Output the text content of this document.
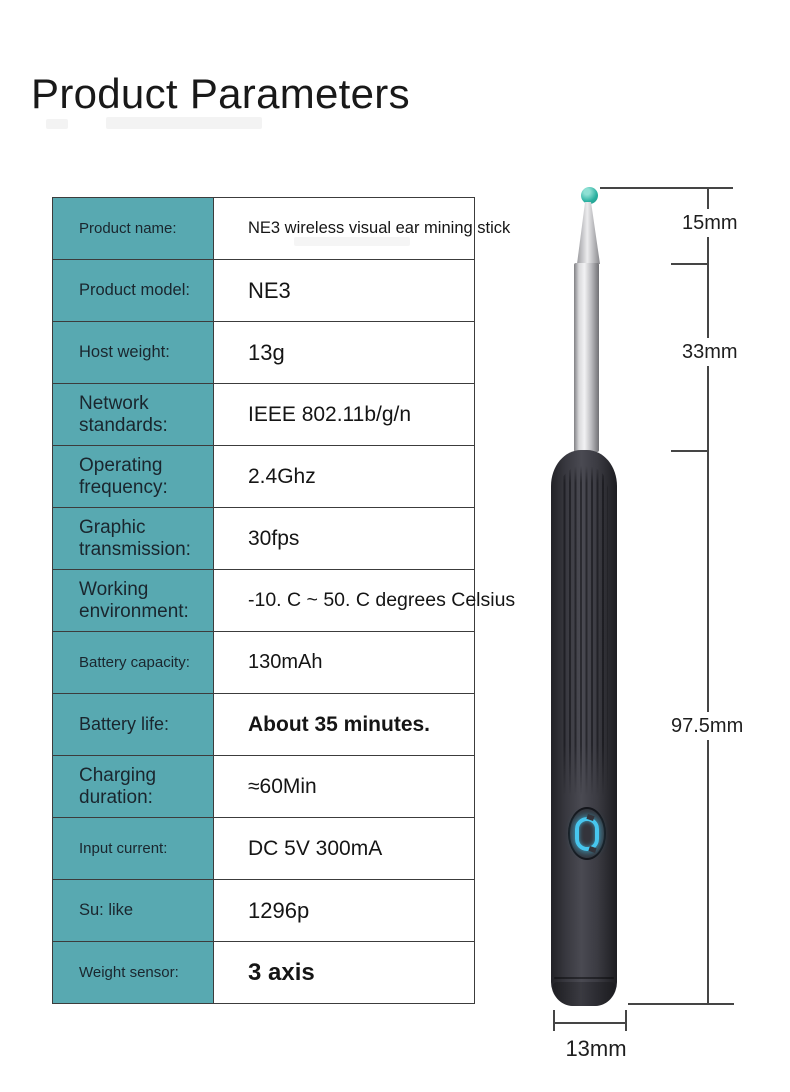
Product Parameters
Product name:	NE3 wireless visual ear mining stick
Product model:	NE3
Host weight:	13g
Network standards:	IEEE 802.11b/g/n
Operating frequency:	2.4Ghz
Graphic transmission:	30fps
Working environment:	-10. C ~ 50. C degrees Celsius
Battery capacity:	130mAh
Battery life:	About 35 minutes.
Charging duration:	≈60Min
Input current:	DC 5V 300mA
Su: like	1296p
Weight sensor:	3 axis
15mm
33mm
97.5mm
13mm
